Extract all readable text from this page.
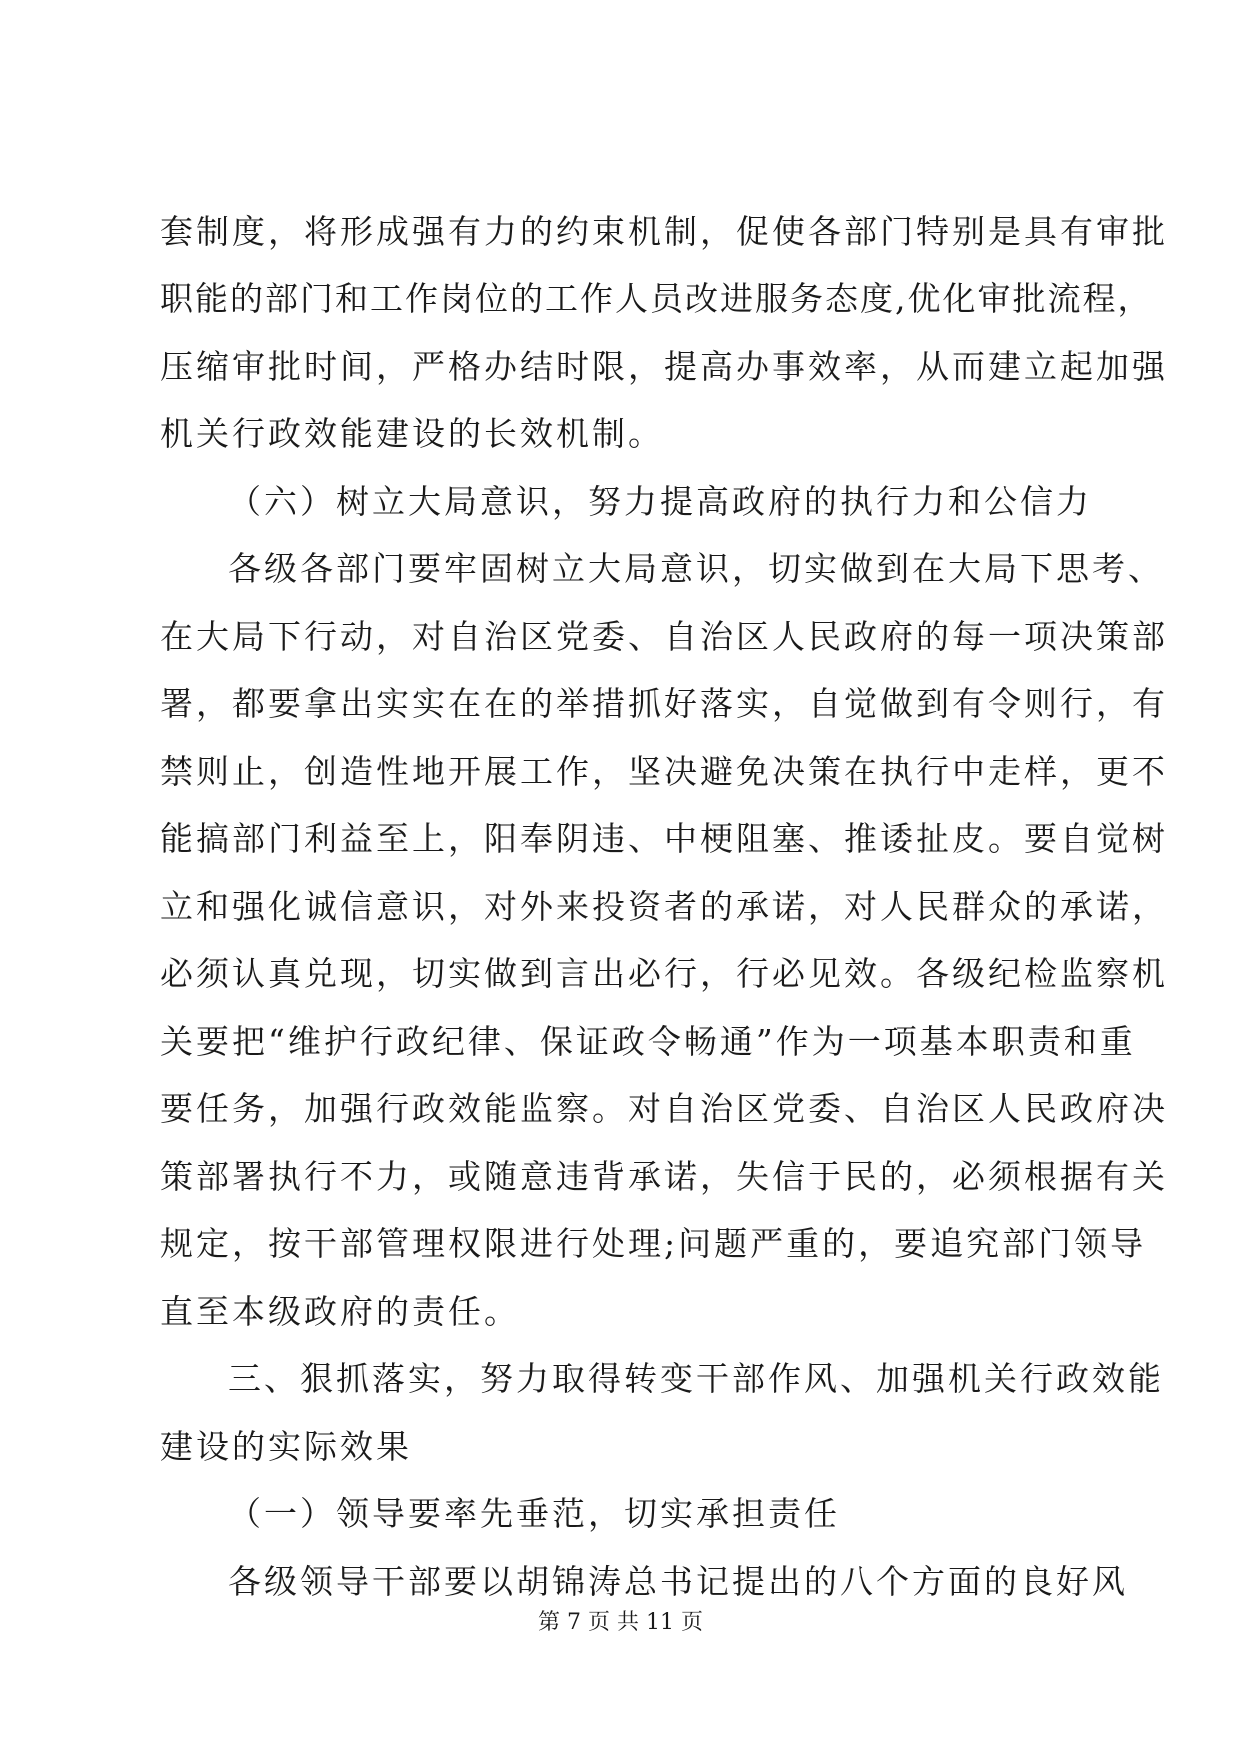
套制度，将形成强有力的约束机制，促使各部门特别是具有审批
职能的部门和工作岗位的工作人员改进服务态度,优化审批流程，
压缩审批时间，严格办结时限，提高办事效率，从而建立起加强
机关行政效能建设的长效机制。
（六）树立大局意识，努力提高政府的执行力和公信力
各级各部门要牢固树立大局意识，切实做到在大局下思考、
在大局下行动，对自治区党委、自治区人民政府的每一项决策部
署，都要拿出实实在在的举措抓好落实，自觉做到有令则行，有
禁则止，创造性地开展工作，坚决避免决策在执行中走样，更不
能搞部门利益至上，阳奉阴违、中梗阻塞、推诿扯皮。要自觉树
立和强化诚信意识，对外来投资者的承诺，对人民群众的承诺，
必须认真兑现，切实做到言出必行，行必见效。各级纪检监察机
关要把“维护行政纪律、保证政令畅通”作为一项基本职责和重
要任务，加强行政效能监察。对自治区党委、自治区人民政府决
策部署执行不力，或随意违背承诺，失信于民的，必须根据有关
规定，按干部管理权限进行处理;问题严重的，要追究部门领导
直至本级政府的责任。
三、狠抓落实，努力取得转变干部作风、加强机关行政效能
建设的实际效果
（一）领导要率先垂范，切实承担责任
各级领导干部要以胡锦涛总书记提出的八个方面的良好风
第 7 页 共 11 页
